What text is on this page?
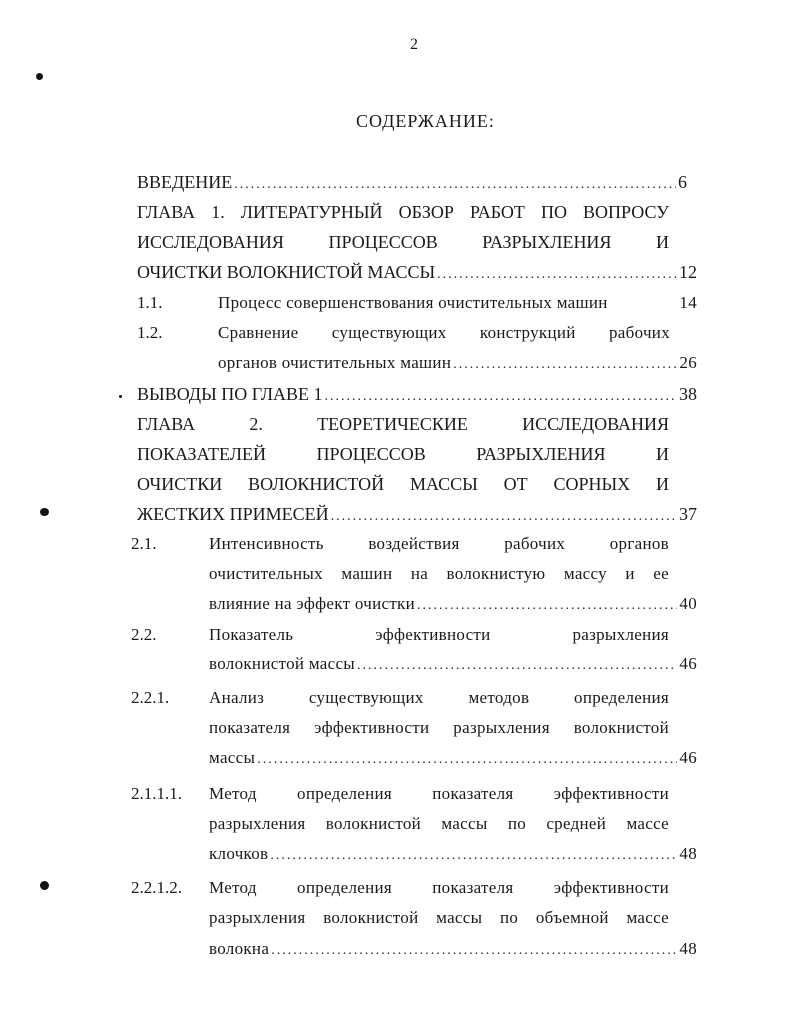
2
СОДЕРЖАНИЕ:
ВВЕДЕНИЕ .....	6
ГЛАВА 1. ЛИТЕРАТУРНЫЙ ОБЗОР РАБОТ ПО ВОПРОСУ
ИССЛЕДОВАНИЯ ПРОЦЕССОВ РАЗРЫХЛЕНИЯ И
ОЧИСТКИ ВОЛОКНИСТОЙ МАССЫ .....	12
1.1.	Процесс совершенствования очистительных машин	14
1.2.	Сравнение существующих конструкций рабочих
органов очистительных машин .....	26
ВЫВОДЫ ПО ГЛАВЕ 1 .....	38
ГЛАВА 2. ТЕОРЕТИЧЕСКИЕ ИССЛЕДОВАНИЯ
ПОКАЗАТЕЛЕЙ ПРОЦЕССОВ РАЗРЫХЛЕНИЯ И
ОЧИСТКИ ВОЛОКНИСТОЙ МАССЫ ОТ СОРНЫХ И
ЖЕСТКИХ ПРИМЕСЕЙ .....	37
2.1.	Интенсивность воздействия рабочих органов
очистительных машин на волокнистую массу и ее
влияние на эффект очистки .....	40
2.2.	Показатель эффективности разрыхления
волокнистой массы .....	46
2.2.1. Анализ существующих методов определения
показателя эффективности разрыхления волокнистой
массы .....	46
2.1.1.1. Метод определения показателя эффективности
разрыхления волокнистой массы по средней массе
клочков .....	48
2.2.1.2. Метод определения показателя эффективности
разрыхления волокнистой массы по объемной массе
волокна .....	48
